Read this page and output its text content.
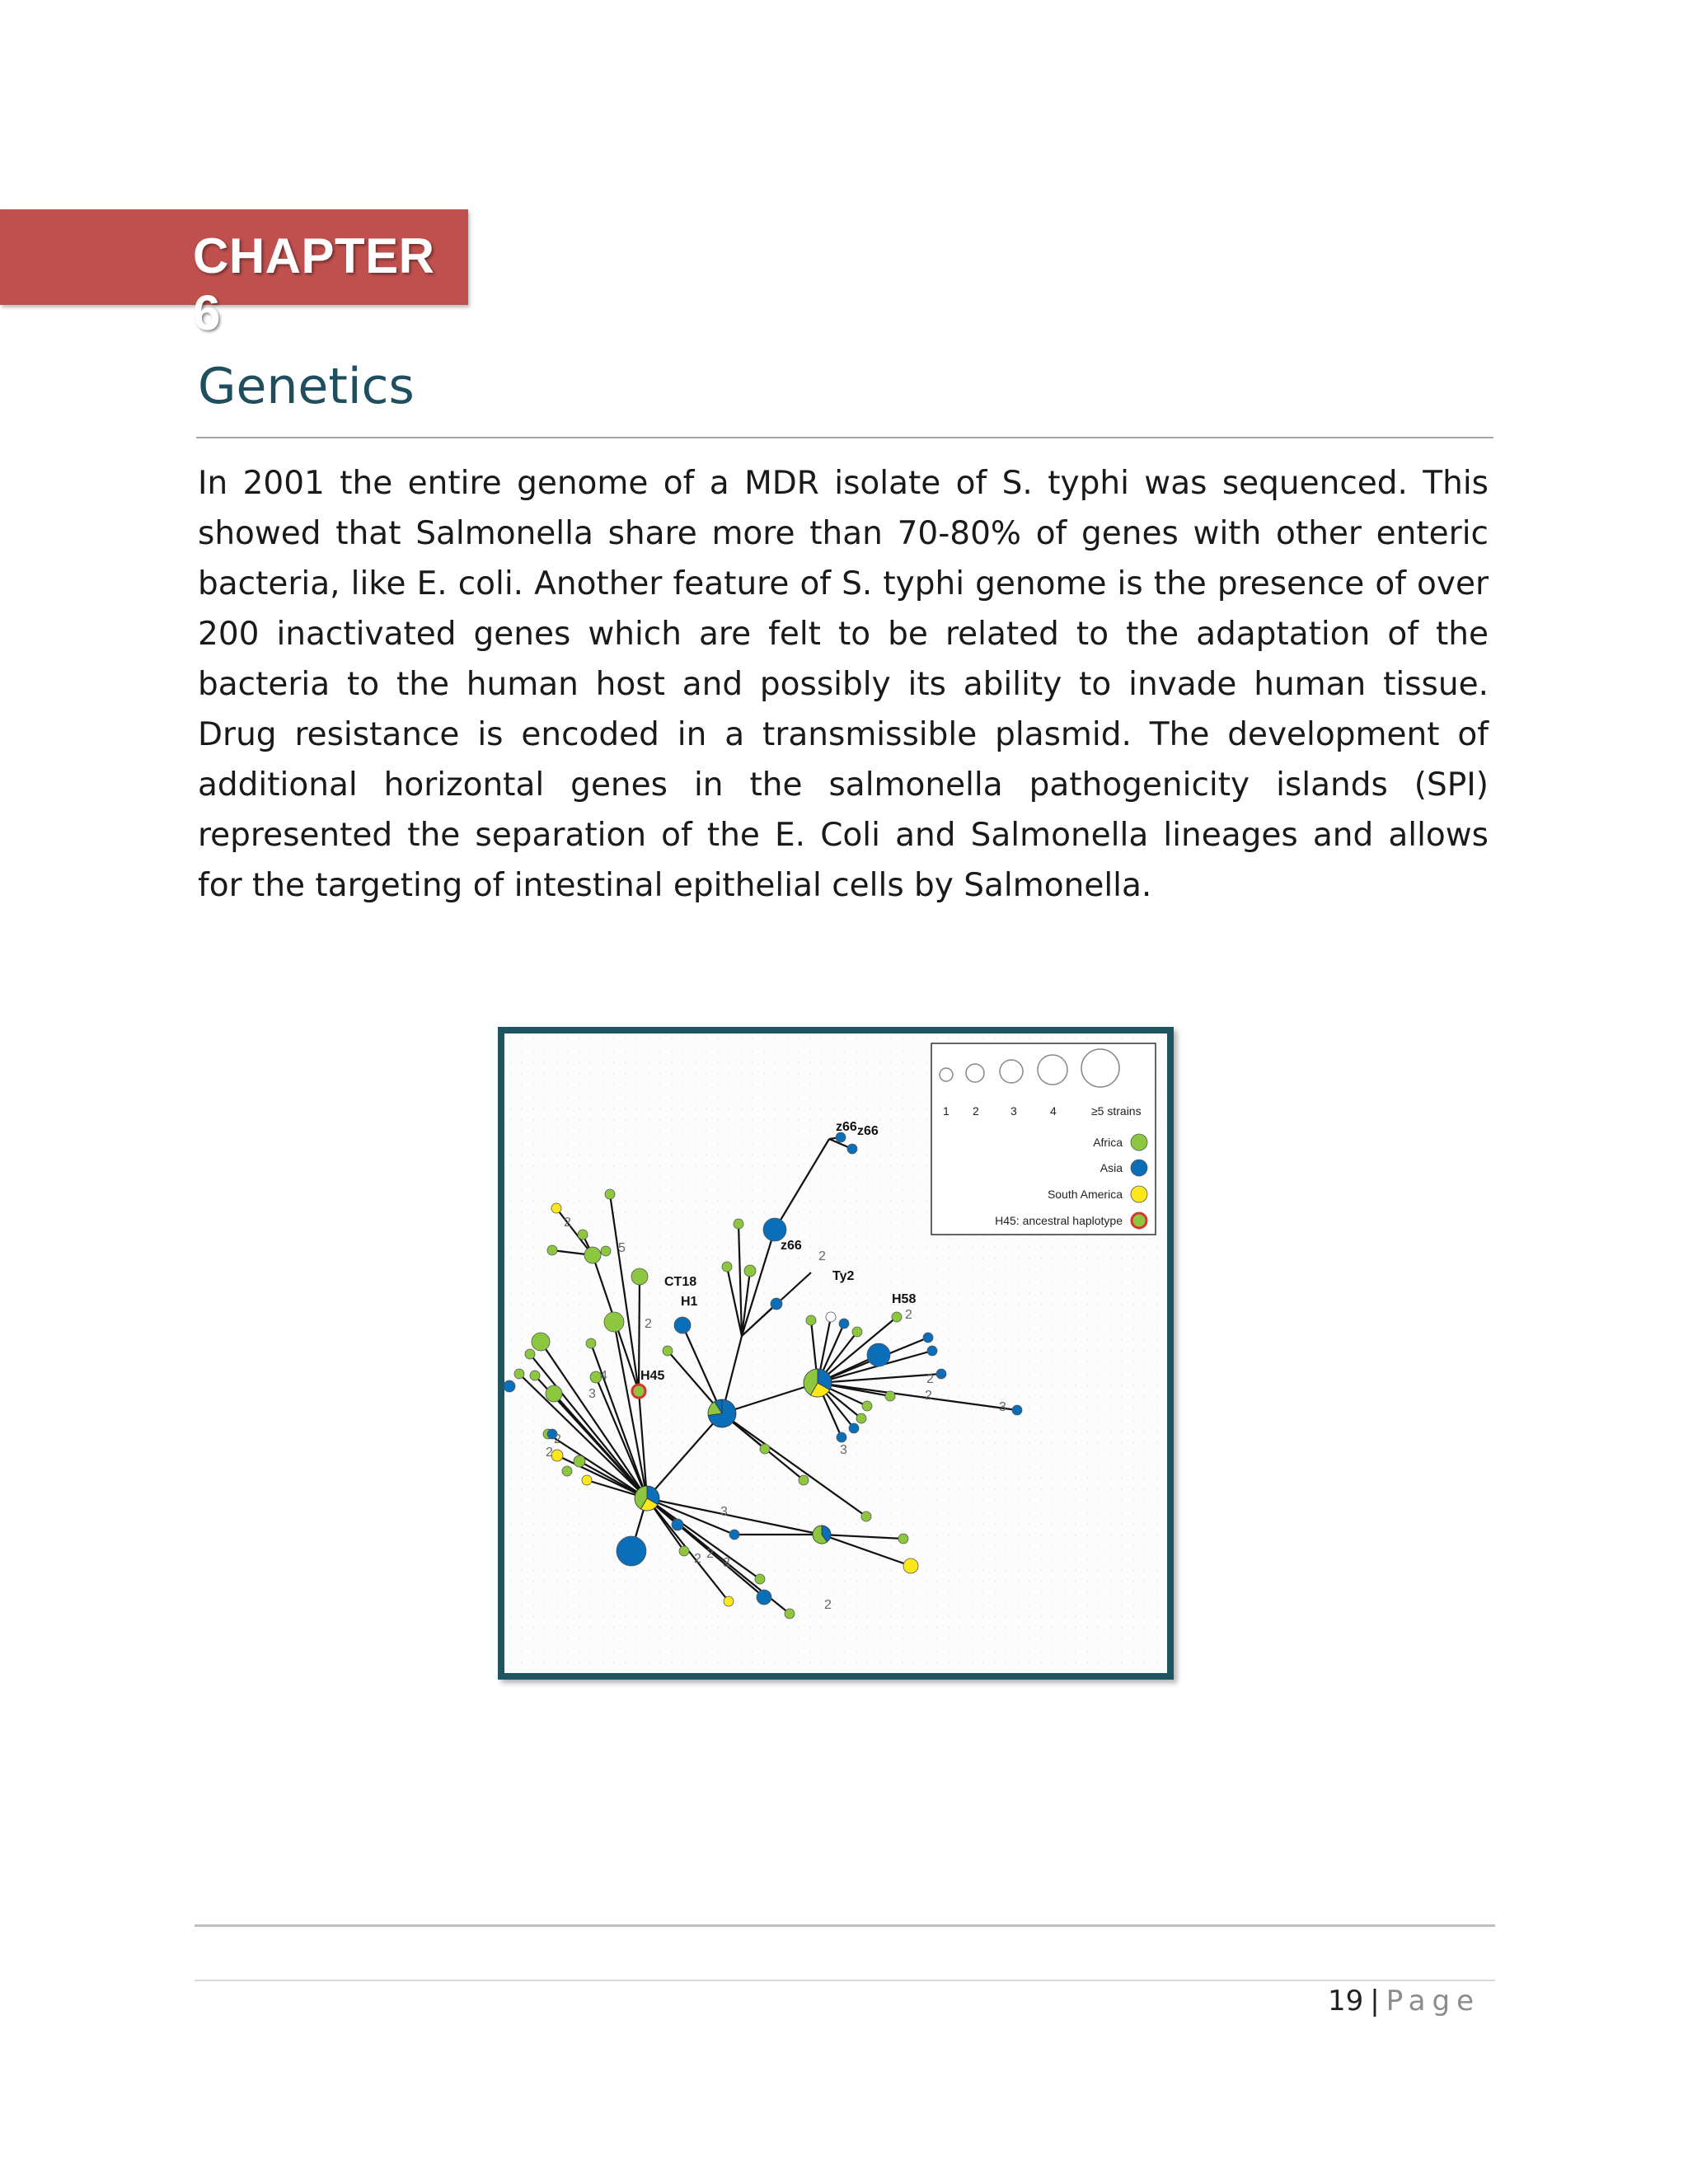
CHAPTER 6
Genetics

In 2001 the entire genome of a MDR isolate of S. typhi was sequenced. This showed that Salmonella share more than 70-80% of genes with other enteric bacteria, like E. coli. Another feature of S. typhi genome is the presence of over 200 inactivated genes which are felt to be related to the adaptation of the bacteria to the human host and possibly its ability to invade human tissue. Drug resistance is encoded in a transmissible plasmid. The development of additional horizontal genes in the salmonella pathogenicity islands (SPI) represented the separation of the E. Coli and Salmonella lineages and allows for the targeting of intestinal epithelial cells by Salmonella.

z66 z66
z66
Ty2
CT18
H1	H58
H45
2
5
2
2
4
3
2
2
2
2
2
3
3
2 2
3
2
3
1 2	3	4	≥5 strains
Africa
Asia
South America
H45: ancestral haplotype
19 | Page
